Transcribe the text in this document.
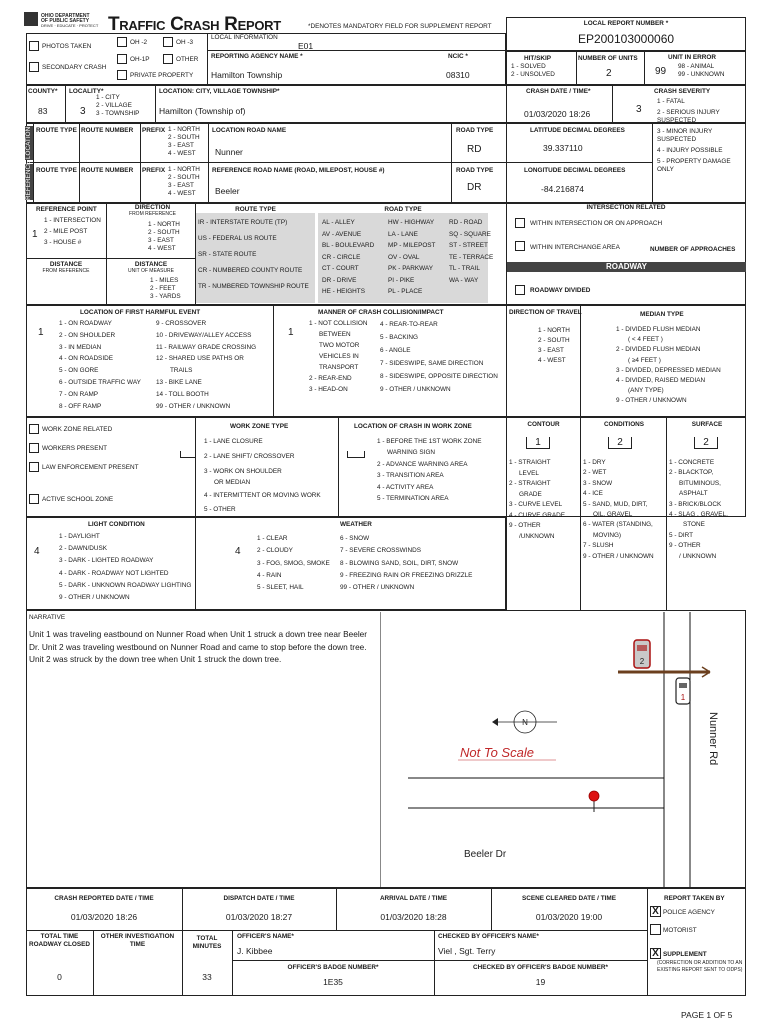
OHIO DEPARTMENT
OF PUBLIC SAFETY
DRIVE · EDUCATE · PROTECT Traffic Crash Report	*DENOTES MANDATORY FIELD FOR SUPPLEMENT REPORT	LOCAL REPORT NUMBER *
EP200103000060
PHOTOS TAKEN
SECONDARY CRASH
OH -2	OH -3
OH-1P	OTHER
PRIVATE PROPERTY
LOCAL INFORMATION
E01
REPORTING AGENCY NAME *
Hamilton Township
NCIC *
08310
HIT/SKIP
1 - SOLVED
2 - UNSOLVED
NUMBER OF UNITS
2
UNIT IN ERROR
99 98 - ANIMAL
99 - UNKNOWN
COUNTY*
83
LOCALITY*
3
1 - CITY
2 - VILLAGE
3 - TOWNSHIP
LOCATION: CITY, VILLAGE TOWNSHIP*
Hamilton (Township of)
CRASH DATE / TIME*
01/03/2020 18:26
CRASH SEVERITY
3
1 - FATAL
2 - SERIOUS INJURY SUSPECTED
3 - MINOR INJURY SUSPECTED
4 - INJURY POSSIBLE
5 - PROPERTY DAMAGE ONLY
LOCATION
REFERENCE
ROUTE TYPE ROUTE NUMBER PREFIX 1 - NORTH
2 - SOUTH
3 - EAST
4 - WEST
LOCATION ROAD NAME
Nunner
ROAD TYPE
RD
LATITUDE DECIMAL DEGREES
39.337110
ROUTE TYPE ROUTE NUMBER PREFIX 1 - NORTH
2 - SOUTH
3 - EAST
4 - WEST
REFERENCE ROAD NAME (ROAD, MILEPOST, HOUSE #)
Beeler
ROAD TYPE
DR
LONGITUDE DECIMAL DEGREES
-84.216874
REFERENCE POINT
1
1 - INTERSECTION
2 - MILE POST
3 - HOUSE #
DIRECTION
FROM REFERENCE
1 - NORTH
2 - SOUTH
3 - EAST
4 - WEST
DISTANCE
FROM REFERENCE
DISTANCE
UNIT OF MEASURE
1 - MILES
2 - FEET
3 - YARDS
ROUTE TYPE
IR - INTERSTATE ROUTE (TP)
US - FEDERAL US ROUTE
SR - STATE ROUTE
CR - NUMBERED COUNTY ROUTE
TR - NUMBERED TOWNSHIP ROUTE
ROAD TYPE
AL - ALLEY
AV - AVENUE
BL - BOULEVARD
CR - CIRCLE
CT - COURT
DR - DRIVE
HE - HEIGHTS
HW - HIGHWAY
LA - LANE
MP - MILEPOST
OV - OVAL
PK - PARKWAY
PI - PIKE
PL - PLACE
RD - ROAD
SQ - SQUARE
ST - STREET
TE - TERRACE
TL - TRAIL
WA - WAY
INTERSECTION RELATED
WITHIN INTERSECTION OR ON APPROACH
WITHIN INTERCHANGE AREA	NUMBER OF APPROACHES
ROADWAY
ROADWAY DIVIDED
LOCATION OF FIRST HARMFUL EVENT
1
1 - ON ROADWAY
2 - ON SHOULDER
3 - IN MEDIAN
4 - ON ROADSIDE
5 - ON GORE
6 - OUTSIDE TRAFFIC WAY
7 - ON RAMP
8 - OFF RAMP
9 - CROSSOVER
10 - DRIVEWAY/ALLEY ACCESS
11 - RAILWAY GRADE CROSSING
12 - SHARED USE PATHS OR
TRAILS
13 - BIKE LANE
14 - TOLL BOOTH
99 - OTHER / UNKNOWN
MANNER OF CRASH COLLISION/IMPACT
1
1 - NOT COLLISION
BETWEEN
TWO MOTOR
VEHICLES IN
TRANSPORT
2 - REAR-END
3 - HEAD-ON
4 - REAR-TO-REAR
5 - BACKING
6 - ANGLE
7 - SIDESWIPE, SAME DIRECTION
8 - SIDESWIPE, OPPOSITE DIRECTION
9 - OTHER / UNKNOWN
DIRECTION OF TRAVEL
1 - NORTH
2 - SOUTH
3 - EAST
4 - WEST
MEDIAN TYPE
1 - DIVIDED FLUSH MEDIAN
( < 4 FEET )
2 - DIVIDED FLUSH MEDIAN
( ≥4 FEET )
3 - DIVIDED, DEPRESSED MEDIAN
4 - DIVIDED, RAISED MEDIAN
(ANY TYPE)
9 - OTHER / UNKNOWN
WORK ZONE RELATED
WORKERS PRESENT
LAW ENFORCEMENT PRESENT
ACTIVE SCHOOL ZONE
WORK ZONE TYPE
1 - LANE CLOSURE
2 - LANE SHIFT/ CROSSOVER
3 - WORK ON SHOULDER
OR MEDIAN
4 - INTERMITTENT OR MOVING WORK
5 - OTHER
LOCATION OF CRASH IN WORK ZONE
1 - BEFORE THE 1ST WORK ZONE
WARNING SIGN
2 - ADVANCE WARNING AREA
3 - TRANSITION AREA
4 - ACTIVITY AREA
5 - TERMINATION AREA
CONTOUR
1
1 - STRAIGHT
LEVEL
2 - STRAIGHT
GRADE
3 - CURVE LEVEL
4 - CURVE GRADE
9 - OTHER
/UNKNOWN
CONDITIONS
2
1 - DRY
2 - WET
3 - SNOW
4 - ICE
5 - SAND, MUD, DIRT,
OIL, GRAVEL
6 - WATER (STANDING,
MOVING)
7 - SLUSH
9 - OTHER / UNKNOWN
SURFACE
2
1 - CONCRETE
2 - BLACKTOP,
BITUMINOUS,
ASPHALT
3 - BRICK/BLOCK
4 - SLAG , GRAVEL,
STONE
5 - DIRT
9 - OTHER
/ UNKNOWN
LIGHT CONDITION
4
1 - DAYLIGHT
2 - DAWN/DUSK
3 - DARK - LIGHTED ROADWAY
4 - DARK - ROADWAY NOT LIGHTED
5 - DARK - UNKNOWN ROADWAY LIGHTING
9 - OTHER / UNKNOWN
WEATHER
4
1 - CLEAR
2 - CLOUDY
3 - FOG, SMOG, SMOKE
4 - RAIN
5 - SLEET, HAIL
6 - SNOW
7 - SEVERE CROSSWINDS
8 - BLOWING SAND, SOIL, DIRT, SNOW
9 - FREEZING RAIN OR FREEZING DRIZZLE
99 - OTHER / UNKNOWN
NARRATIVE
Unit 1 was traveling eastbound on Nunner Road when Unit 1 struck a down tree near Beeler Dr. Unit 2 was traveling westbound on Nunner Road and came to stop before the down tree. Unit 2 was struck by the down tree when Unit 1 struck the down tree.	2
1
N
Not To Scale
Beeler Dr
Nunner Rd
CRASH REPORTED DATE / TIME
01/03/2020 18:26
DISPATCH DATE / TIME
01/03/2020 18:27
ARRIVAL DATE / TIME
01/03/2020 18:28
SCENE CLEARED DATE / TIME
01/03/2020 19:00
REPORT TAKEN BY
X POLICE AGENCY
MOTORIST
X SUPPLEMENT
(CORRECTION OR ADDITION TO AN EXISTING REPORT SENT TO ODPS)
TOTAL TIME ROADWAY CLOSED
0
OTHER INVESTIGATION TIME
TOTAL MINUTES
33
OFFICER'S NAME*
J. Kibbee
CHECKED BY OFFICER'S NAME*
Viel , Sgt. Terry
OFFICER'S BADGE NUMBER*
1E35
CHECKED BY OFFICER'S BADGE NUMBER*
19
PAGE 1 OF 5
